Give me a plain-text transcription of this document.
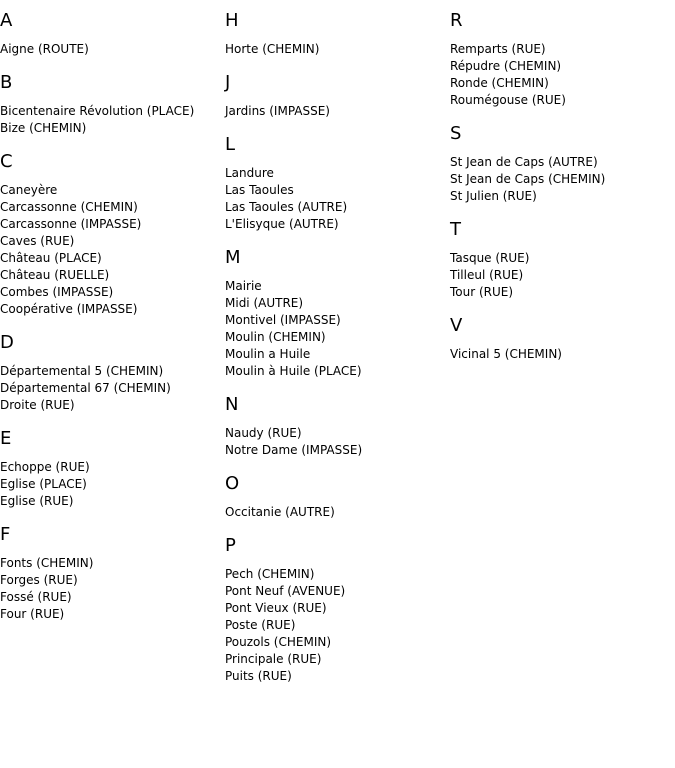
A
Aigne (ROUTE)
B
Bicentenaire Révolution (PLACE)
Bize (CHEMIN)
C
Caneyère
Carcassonne (CHEMIN)
Carcassonne (IMPASSE)
Caves (RUE)
Château (PLACE)
Château (RUELLE)
Combes (IMPASSE)
Coopérative (IMPASSE)
D
Départemental 5 (CHEMIN)
Départemental 67 (CHEMIN)
Droite (RUE)
E
Echoppe (RUE)
Eglise (PLACE)
Eglise (RUE)
F
Fonts (CHEMIN)
Forges (RUE)
Fossé (RUE)
Four (RUE)
H
Horte (CHEMIN)
J
Jardins (IMPASSE)
L
Landure
Las Taoules
Las Taoules (AUTRE)
L'Elisyque (AUTRE)
M
Mairie
Midi (AUTRE)
Montivel (IMPASSE)
Moulin (CHEMIN)
Moulin a Huile
Moulin à Huile (PLACE)
N
Naudy (RUE)
Notre Dame (IMPASSE)
O
Occitanie (AUTRE)
P
Pech (CHEMIN)
Pont Neuf (AVENUE)
Pont Vieux (RUE)
Poste (RUE)
Pouzols (CHEMIN)
Principale (RUE)
Puits (RUE)
R
Remparts (RUE)
Répudre (CHEMIN)
Ronde (CHEMIN)
Roumégouse (RUE)
S
St Jean de Caps (AUTRE)
St Jean de Caps (CHEMIN)
St Julien (RUE)
T
Tasque (RUE)
Tilleul (RUE)
Tour (RUE)
V
Vicinal 5 (CHEMIN)
